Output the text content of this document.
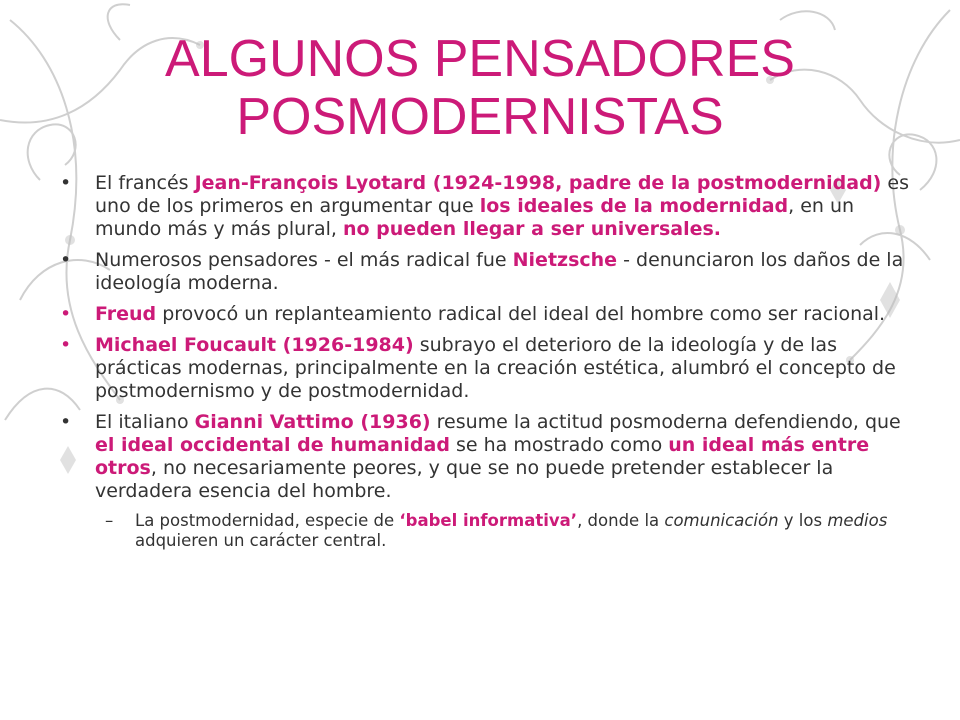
ALGUNOS PENSADORES
POSMODERNISTAS
• El francés Jean-François Lyotard (1924-1998, padre de la postmodernidad) es uno de los primeros en argumentar que los ideales de la modernidad, en un mundo más y más plural, no pueden llegar a ser universales.
• Numerosos pensadores - el más radical fue Nietzsche - denunciaron los daños de la ideología moderna.
• Freud provocó un replanteamiento radical del ideal del hombre como ser racional.
• Michael Foucault (1926-1984) subrayo el deterioro de la ideología y de las prácticas modernas, principalmente en la creación estética, alumbró el concepto de postmodernismo y de postmodernidad.
• El italiano Gianni Vattimo (1936) resume la actitud posmoderna defendiendo, que el ideal occidental de humanidad se ha mostrado como un ideal más entre otros, no necesariamente peores, y que se no puede pretender establecer la verdadera esencia del hombre.
– La postmodernidad, especie de ‘babel informativa’, donde la comunicación y los medios adquieren un carácter central.
